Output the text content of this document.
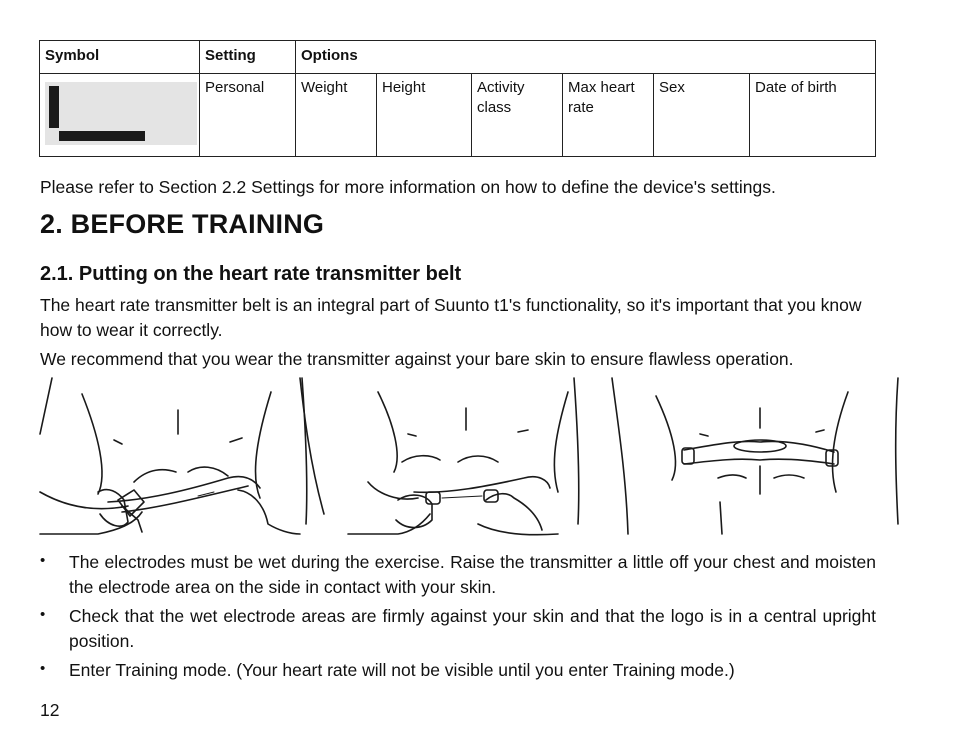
Symbol	Setting	Options					

	Personal	Weight	Height	Activity class	Max heart rate	Sex	Date of birth

Please refer to Section 2.2 Settings for more information on how to define the device's settings.

2. BEFORE TRAINING
2.1. Putting on the heart rate transmitter belt

The heart rate transmitter belt is an integral part of Suunto t1's functionality, so it's important that you know how to wear it correctly.

We recommend that you wear the transmitter against your bare skin to ensure flawless operation.

• The electrodes must be wet during the exercise. Raise the transmitter a little off your chest and moisten the electrode area on the side in contact with your skin.
• Check that the wet electrode areas are firmly against your skin and that the logo is in a central upright position.
• Enter Training mode. (Your heart rate will not be visible until you enter Training mode.)
12
